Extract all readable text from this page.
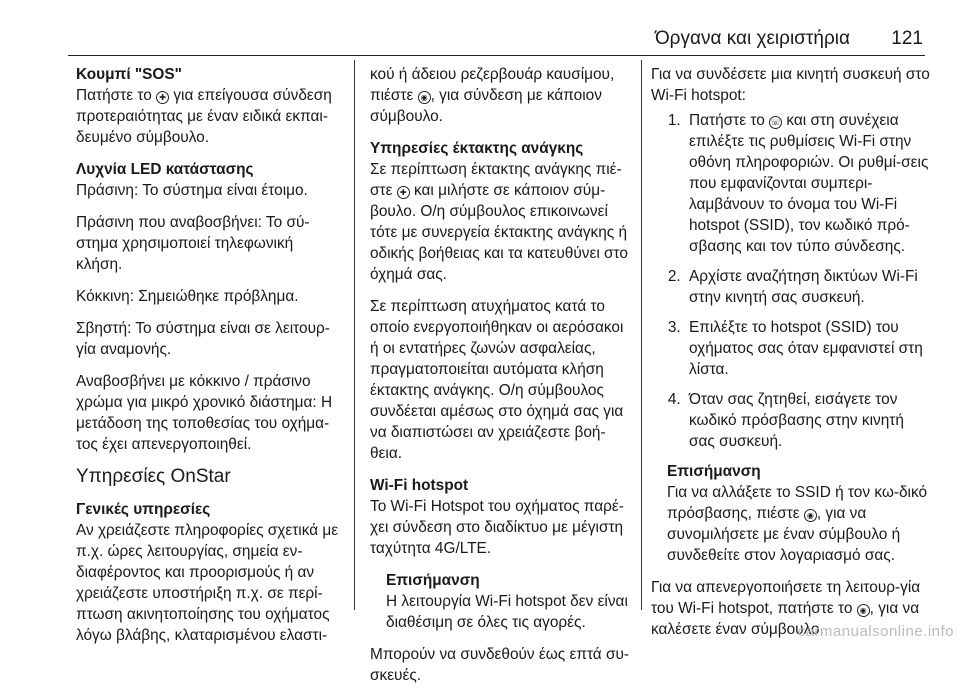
Όργανα και χειριστήρια 121
Κουμπί "SOS"

Πατήστε το ✚ για επείγουσα σύνδεση προτεραιότητας με έναν ειδικά εκπαι-δευμένο σύμβουλο.

Λυχνία LED κατάστασης

Πράσινη: Το σύστημα είναι έτοιμο.

Πράσινη που αναβοσβήνει: Το σύ-στημα χρησιμοποιεί τηλεφωνική κλήση.

Κόκκινη: Σημειώθηκε πρόβλημα.

Σβηστή: Το σύστημα είναι σε λειτουρ-γία αναμονής.

Αναβοσβήνει με κόκκινο / πράσινο χρώμα για μικρό χρονικό διάστημα: Η μετάδοση της τοποθεσίας του οχήμα-τος έχει απενεργοποιηθεί.

Υπηρεσίες OnStar
Γενικές υπηρεσίες

Αν χρειάζεστε πληροφορίες σχετικά με π.χ. ώρες λειτουργίας, σημεία εν-διαφέροντος και προορισμούς ή αν χρειάζεστε υποστήριξη π.χ. σε περί-πτωση ακινητοποίησης του οχήματος λόγω βλάβης, κλαταρισμένου ελαστι-

κού ή άδειου ρεζερβουάρ καυσίμου, πιέστε ◉ , για σύνδεση με κάποιον σύμβουλο.

Υπηρεσίες έκτακτης ανάγκης

Σε περίπτωση έκτακτης ανάγκης πιέ-στε ✚ και μιλήστε σε κάποιον σύμ-βουλο. Ο/η σύμβουλος επικοινωνεί τότε με συνεργεία έκτακτης ανάγκης ή οδικής βοήθειας και τα κατευθύνει στο όχημά σας.

Σε περίπτωση ατυχήματος κατά το οποίο ενεργοποιήθηκαν οι αερόσακοι ή οι εντατήρες ζωνών ασφαλείας, πραγματοποιείται αυτόματα κλήση έκτακτης ανάγκης. Ο/η σύμβουλος συνδέεται αμέσως στο όχημά σας για να διαπιστώσει αν χρειάζεστε βοή-θεια.

Wi-Fi hotspot

Το Wi-Fi Hotspot του οχήματος παρέ-χει σύνδεση στο διαδίκτυο με μέγιστη ταχύτητα 4G/LTE.

Επισήμανση
Η λειτουργία Wi-Fi hotspot δεν είναι διαθέσιμη σε όλες τις αγορές.

Μπορούν να συνδεθούν έως επτά συ-σκευές.

Για να συνδέσετε μια κινητή συσκευή στο Wi-Fi hotspot:

1. Πατήστε το ☏ και στη συνέχεια επιλέξτε τις ρυθμίσεις Wi-Fi στην οθόνη πληροφοριών. Οι ρυθμί-σεις που εμφανίζονται συμπερι-λαμβάνουν το όνομα του Wi-Fi hotspot (SSID), τον κωδικό πρό-σβασης και τον τύπο σύνδεσης.
2. Αρχίστε αναζήτηση δικτύων Wi-Fi στην κινητή σας συσκευή.
3. Επιλέξτε το hotspot (SSID) του οχήματος σας όταν εμφανιστεί στη λίστα.
4. Όταν σας ζητηθεί, εισάγετε τον κωδικό πρόσβασης στην κινητή σας συσκευή.
Επισήμανση
Για να αλλάξετε το SSID ή τον κω-δικό πρόσβασης, πιέστε ◉ , για να συνομιλήσετε με έναν σύμβουλο ή συνδεθείτε στον λογαριασμό σας.

Για να απενεργοποιήσετε τη λειτουρ-γία του Wi-Fi hotspot, πατήστε το ◉ , για να καλέσετε έναν σύμβουλο.

carmanualsonline.info
